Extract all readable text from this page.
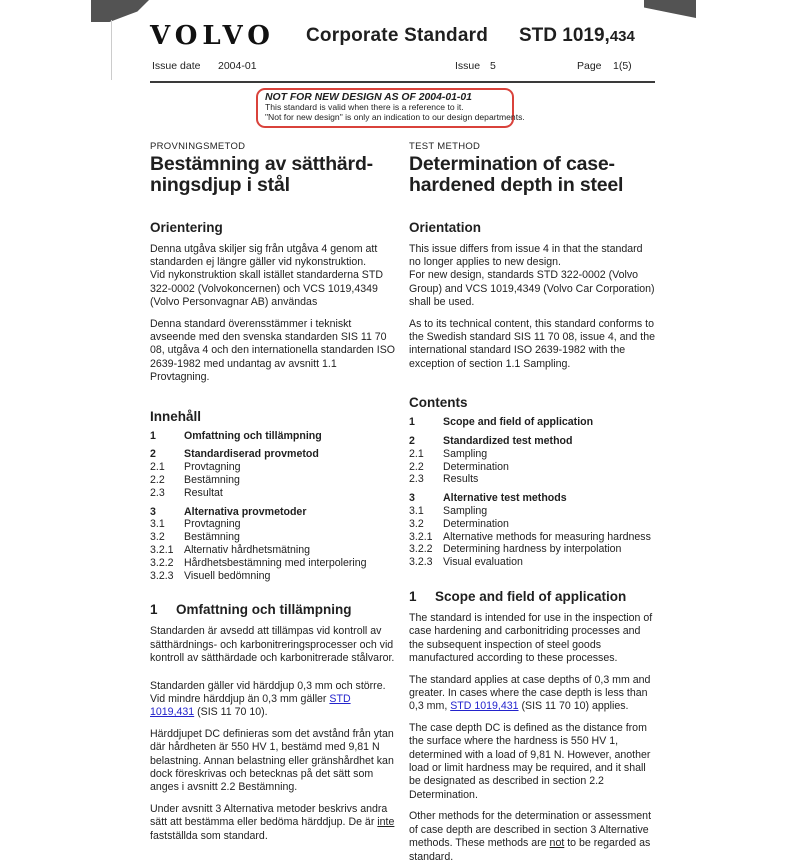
VOLVO Corporate Standard STD 1019,434
Issue date 2004-01	Issue 5	Page 1(5)
NOT FOR NEW DESIGN AS OF 2004-01-01
This standard is valid when there is a reference to it.
"Not for new design" is only an indication to our design departments.
PROVNINGSMETOD
Bestämning av sätthärd-
ningsdjup i stål
Orientering

Denna utgåva skiljer sig från utgåva 4 genom att standarden ej längre gäller vid nykonstruktion.
Vid nykonstruktion skall istället standarderna STD 322-0002 (Volvokoncernen) och VCS 1019,4349 (Volvo Personvagnar AB) användas

Denna standard överensstämmer i tekniskt avseende med den svenska standarden SIS 11 70 08, utgåva 4 och den internationella standarden ISO 2639-1982 med undantag av avsnitt 1.1 Provtagning.

Innehåll
1	Omfattning och tillämpning
2	Standardiserad provmetod
2.1	Provtagning
2.2	Bestämning
2.3	Resultat
3	Alternativa provmetoder
3.1	Provtagning
3.2	Bestämning
3.2.1 Alternativ hårdhetsmätning
3.2.2 Hårdhetsbestämning med interpolering
3.2.3 Visuell bedömning
1	Omfattning och tillämpning

Standarden är avsedd att tillämpas vid kontroll av sätthärdnings- och karbonitreringsprocesser och vid kontroll av sätthärdade och karbonitrerade stålvaror.

Standarden gäller vid härddjup 0,3 mm och större. Vid mindre härddjup än 0,3 mm gäller STD 1019,431 (SIS 11 70 10).

Härddjupet DC definieras som det avstånd från ytan där hårdheten är 550 HV 1, bestämd med 9,81 N belastning. Annan belastning eller gränshårdhet kan dock föreskrivas och betecknas på det sätt som anges i avsnitt 2.2 Bestämning.

Under avsnitt 3 Alternativa metoder beskrivs andra sätt att bestämma eller bedöma härddjup. De är inte fastställda som standard.

TEST METHOD
Determination of case-
hardened depth in steel
Orientation

This issue differs from issue 4 in that the standard no longer applies to new design.
For new design, standards STD 322-0002 (Volvo Group) and VCS 1019,4349 (Volvo Car Corporation) shall be used.

As to its technical content, this standard conforms to the Swedish standard SIS 11 70 08, issue 4, and the international standard ISO 2639-1982 with the exception of section 1.1 Sampling.

Contents
1	Scope and field of application
2	Standardized test method
2.1	Sampling
2.2	Determination
2.3	Results
3	Alternative test methods
3.1	Sampling
3.2	Determination
3.2.1 Alternative methods for measuring hardness
3.2.2 Determining hardness by interpolation
3.2.3 Visual evaluation
1	Scope and field of application

The standard is intended for use in the inspection of case hardening and carbonitriding processes and the subsequent inspection of steel goods manufactured according to these processes.

The standard applies at case depths of 0,3 mm and greater. In cases where the case depth is less than 0,3 mm, STD 1019,431 (SIS 11 70 10) applies.

The case depth DC is defined as the distance from the surface where the hardness is 550 HV 1, determined with a load of 9,81 N. However, another load or limit hardness may be required, and it shall be designated as described in section 2.2 Determination.

Other methods for the determination or assessment of case depth are described in section 3 Alternative methods. These methods are not to be regarded as standard.
